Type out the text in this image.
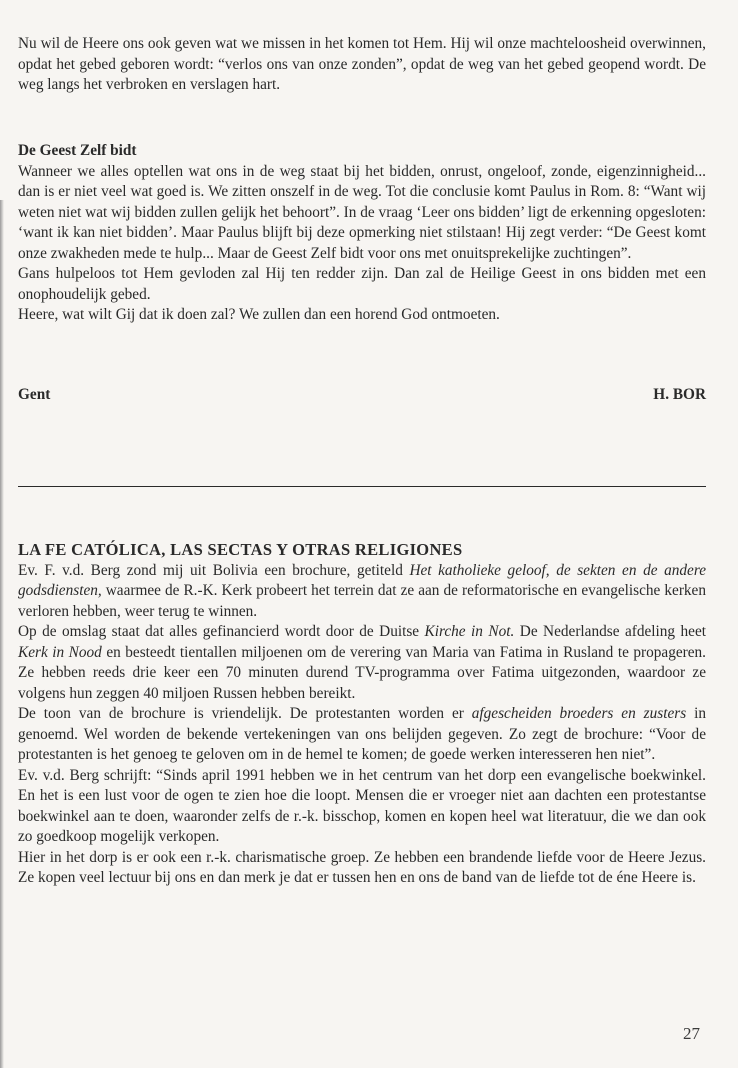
Nu wil de Heere ons ook geven wat we missen in het komen tot Hem. Hij wil onze machteloosheid overwinnen, opdat het gebed geboren wordt: “verlos ons van onze zonden”, opdat de weg van het gebed geopend wordt. De weg langs het verbroken en verslagen hart.

De Geest Zelf bidt

Wanneer we alles optellen wat ons in de weg staat bij het bidden, onrust, ongeloof, zonde, eigenzinnigheid... dan is er niet veel wat goed is. We zitten onszelf in de weg. Tot die conclusie komt Paulus in Rom. 8: “Want wij weten niet wat wij bidden zullen gelijk het behoort”. In de vraag ‘Leer ons bidden’ ligt de erkenning opgesloten: ‘want ik kan niet bidden’. Maar Paulus blijft bij deze opmerking niet stilstaan! Hij zegt verder: “De Geest komt onze zwakheden mede te hulp... Maar de Geest Zelf bidt voor ons met onuitsprekelijke zuchtingen”.

Gans hulpeloos tot Hem gevloden zal Hij ten redder zijn. Dan zal de Heilige Geest in ons bidden met een onophoudelijk gebed.

Heere, wat wilt Gij dat ik doen zal? We zullen dan een horend God ontmoeten.

Gent	H. BOR
LA FE CATÓLICA, LAS SECTAS Y OTRAS RELIGIONES

Ev. F. v.d. Berg zond mij uit Bolivia een brochure, getiteld Het katholieke geloof, de sekten en de andere godsdiensten, waarmee de R.-K. Kerk probeert het terrein dat ze aan de reformatorische en evangelische kerken verloren hebben, weer terug te winnen.

Op de omslag staat dat alles gefinancierd wordt door de Duitse Kirche in Not. De Nederlandse afdeling heet Kerk in Nood en besteedt tientallen miljoenen om de verering van Maria van Fatima in Rusland te propageren. Ze hebben reeds drie keer een 70 minuten durend TV-programma over Fatima uitgezonden, waardoor ze volgens hun zeggen 40 miljoen Russen hebben bereikt.

De toon van de brochure is vriendelijk. De protestanten worden er afgescheiden broeders en zusters in genoemd. Wel worden de bekende vertekeningen van ons belijden gegeven. Zo zegt de brochure: “Voor de protestanten is het genoeg te geloven om in de hemel te komen; de goede werken interesseren hen niet”.

Ev. v.d. Berg schrijft: “Sinds april 1991 hebben we in het centrum van het dorp een evangelische boekwinkel. En het is een lust voor de ogen te zien hoe die loopt. Mensen die er vroeger niet aan dachten een protestantse boekwinkel aan te doen, waaronder zelfs de r.-k. bisschop, komen en kopen heel wat literatuur, die we dan ook zo goedkoop mogelijk verkopen.

Hier in het dorp is er ook een r.-k. charismatische groep. Ze hebben een brandende liefde voor de Heere Jezus. Ze kopen veel lectuur bij ons en dan merk je dat er tussen hen en ons de band van de liefde tot de éne Heere is.

27
